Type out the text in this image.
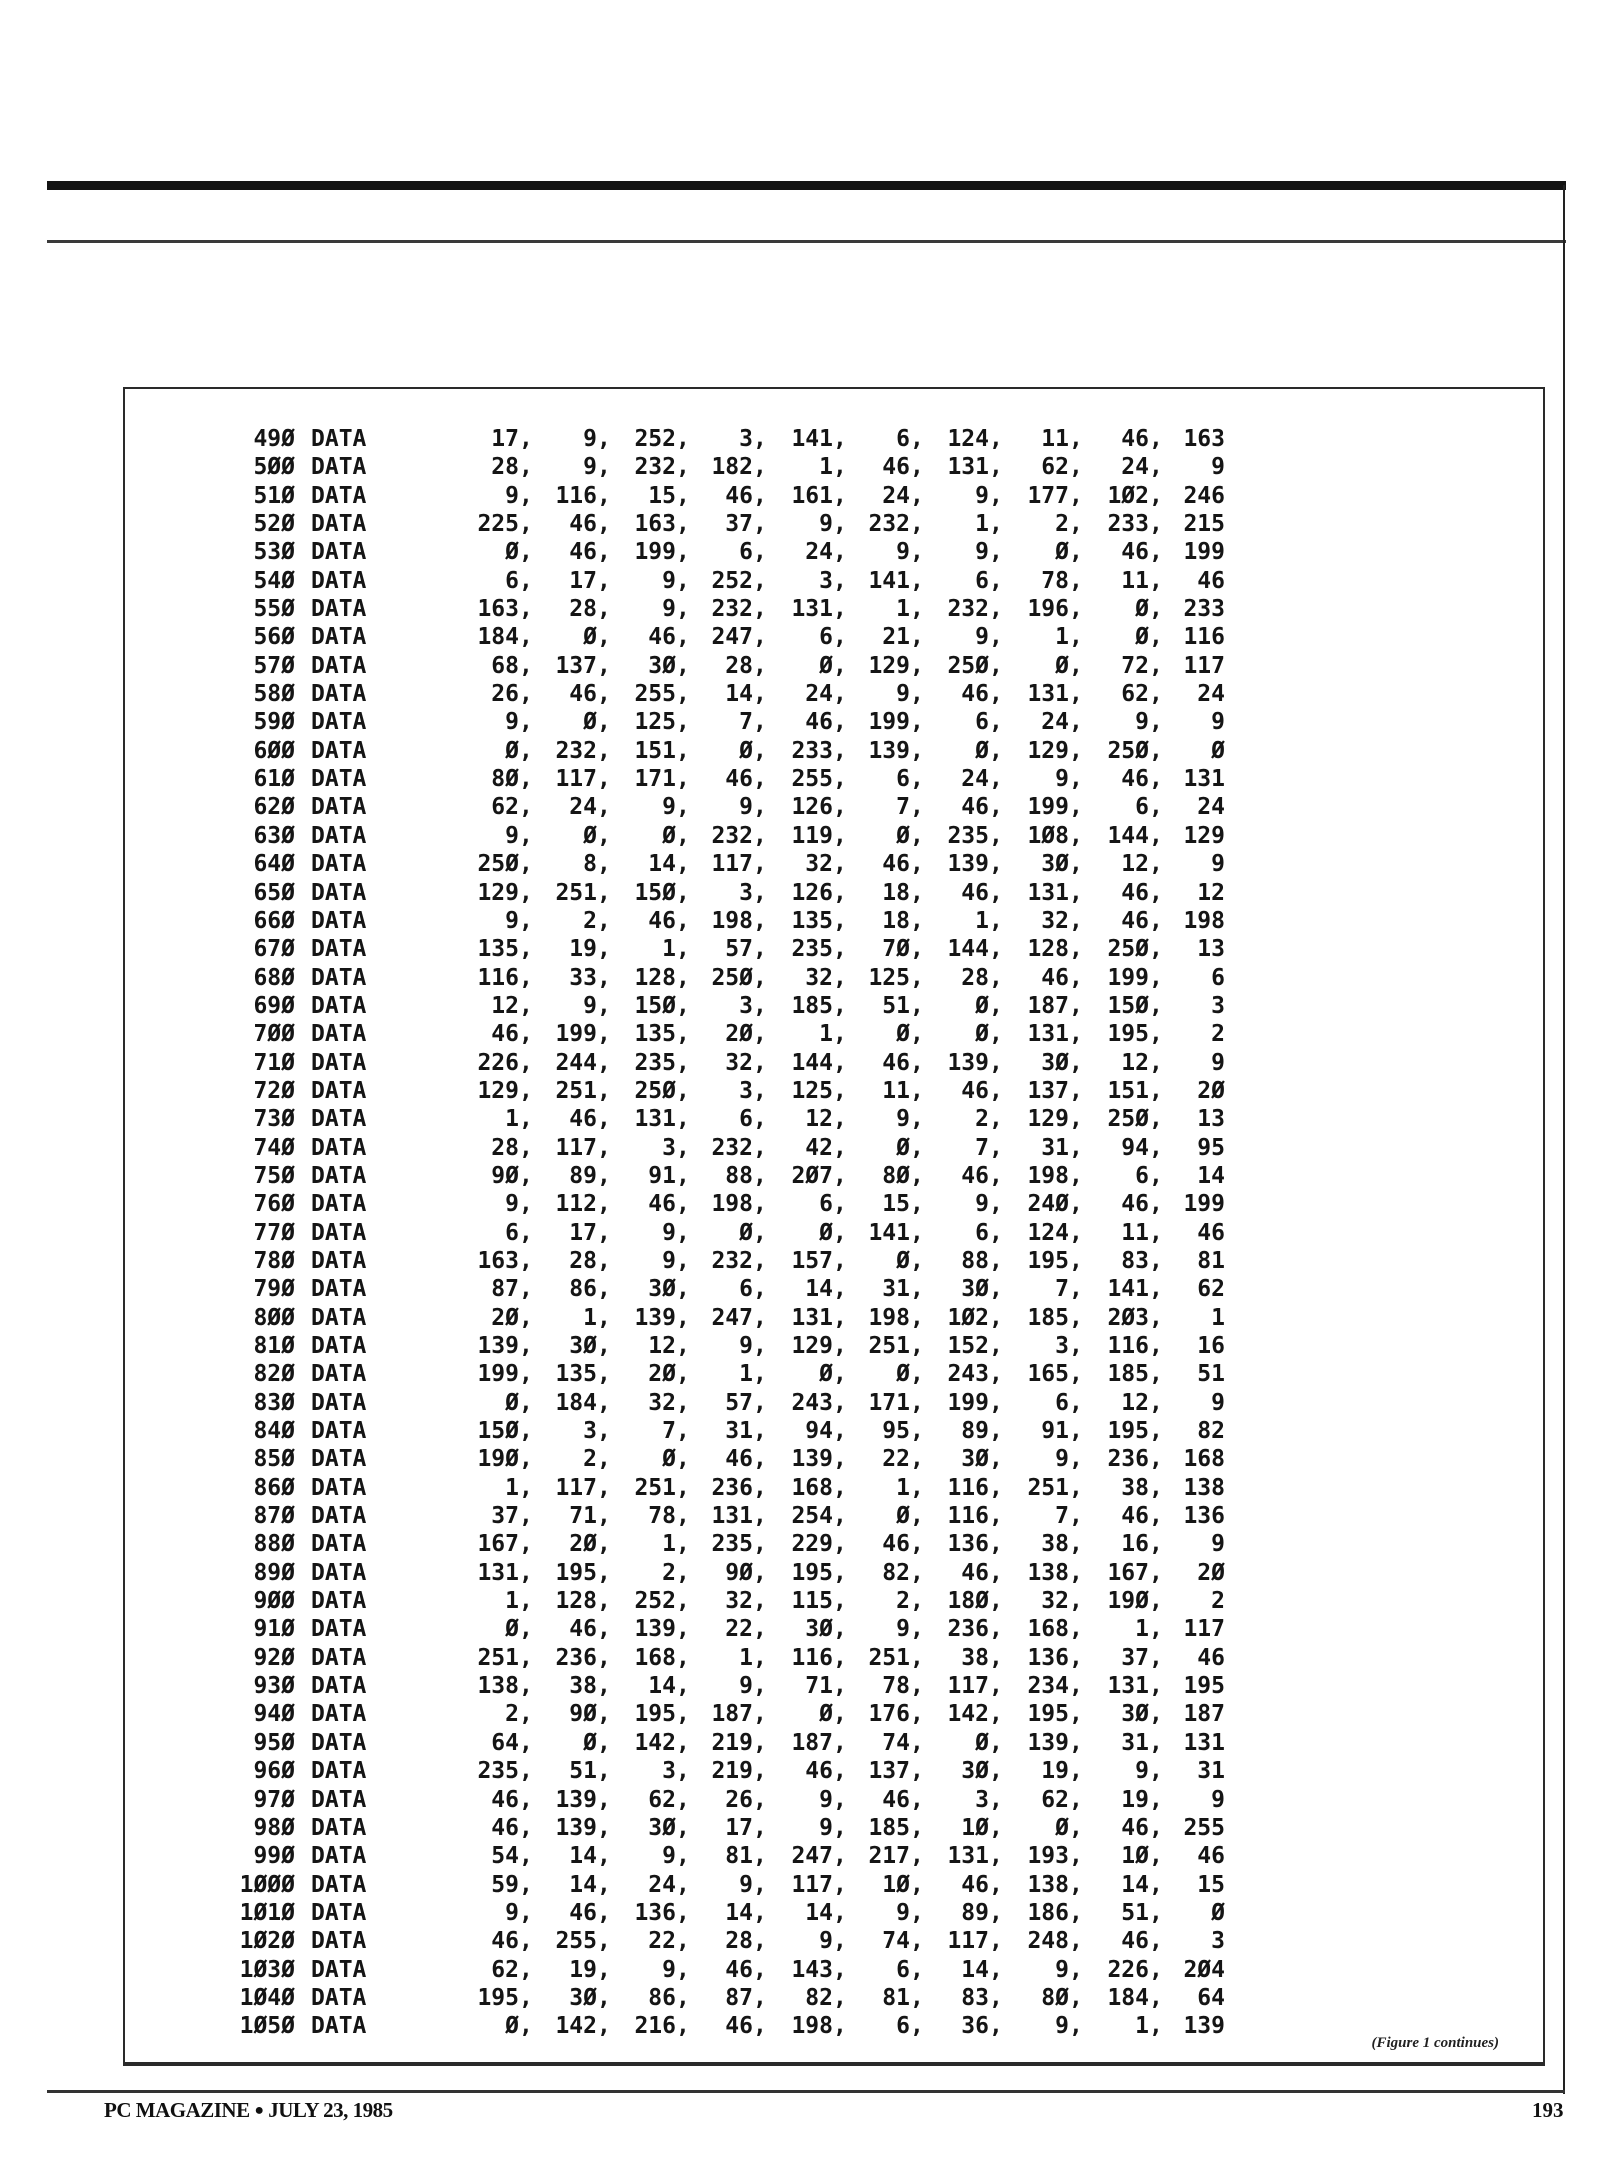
49Ø DATA	17 ,	9 ,	252 ,	3 ,	141 ,	6 ,	124 ,	11 ,	46 , 163
5ØØ DATA	28 ,	9 ,	232 , 182 ,	1 ,	46 ,	131 ,	62 ,	24 ,	9
51Ø DATA	9 , 116 ,	15 ,	46 ,	161 ,	24 ,	9 ,	177 ,	1Ø2 , 246
52Ø DATA	225 ,	46 ,	163 ,	37 ,	9 , 232 ,	1 ,	2 ,	233 , 215
53Ø DATA	Ø ,	46 ,	199 ,	6 ,	24 ,	9 ,	9 ,	Ø ,	46 , 199
54Ø DATA	6 ,	17 ,	9 , 252 ,	3 , 141 ,	6 ,	78 ,	11 ,	46
55Ø DATA	163 ,	28 ,	9 , 232 ,	131 ,	1 ,	232 ,	196 ,	Ø , 233
56Ø DATA	184 ,	Ø ,	46 , 247 ,	6 ,	21 ,	9 ,	1 ,	Ø , 116
57Ø DATA	68 , 137 ,	3Ø ,	28 ,	Ø , 129 ,	25Ø ,	Ø ,	72 , 117
58Ø DATA	26 ,	46 ,	255 ,	14 ,	24 ,	9 ,	46 ,	131 ,	62 ,	24
59Ø DATA	9 ,	Ø ,	125 ,	7 ,	46 , 199 ,	6 ,	24 ,	9 ,	9
6ØØ DATA	Ø , 232 ,	151 ,	Ø ,	233 , 139 ,	Ø ,	129 ,	25Ø ,	Ø
61Ø DATA	8Ø , 117 ,	171 ,	46 ,	255 ,	6 ,	24 ,	9 ,	46 , 131
62Ø DATA	62 ,	24 ,	9 ,	9 ,	126 ,	7 ,	46 ,	199 ,	6 ,	24
63Ø DATA	9 ,	Ø ,	Ø , 232 ,	119 ,	Ø ,	235 ,	1Ø8 ,	144 , 129
64Ø DATA	25Ø ,	8 ,	14 , 117 ,	32 ,	46 ,	139 ,	3Ø ,	12 ,	9
65Ø DATA	129 , 251 ,	15Ø ,	3 ,	126 ,	18 ,	46 ,	131 ,	46 ,	12
66Ø DATA	9 ,	2 ,	46 , 198 ,	135 ,	18 ,	1 ,	32 ,	46 , 198
67Ø DATA	135 ,	19 ,	1 ,	57 ,	235 ,	7Ø ,	144 ,	128 ,	25Ø ,	13
68Ø DATA	116 ,	33 ,	128 , 25Ø ,	32 , 125 ,	28 ,	46 ,	199 ,	6
69Ø DATA	12 ,	9 ,	15Ø ,	3 ,	185 ,	51 ,	Ø ,	187 ,	15Ø ,	3
7ØØ DATA	46 , 199 ,	135 ,	2Ø ,	1 ,	Ø ,	Ø ,	131 ,	195 ,	2
71Ø DATA	226 , 244 ,	235 ,	32 ,	144 ,	46 ,	139 ,	3Ø ,	12 ,	9
72Ø DATA	129 , 251 ,	25Ø ,	3 ,	125 ,	11 ,	46 ,	137 ,	151 ,	2Ø
73Ø DATA	1 ,	46 ,	131 ,	6 ,	12 ,	9 ,	2 ,	129 ,	25Ø ,	13
74Ø DATA	28 , 117 ,	3 , 232 ,	42 ,	Ø ,	7 ,	31 ,	94 ,	95
75Ø DATA	9Ø ,	89 ,	91 ,	88 ,	2Ø7 ,	8Ø ,	46 ,	198 ,	6 ,	14
76Ø DATA	9 , 112 ,	46 , 198 ,	6 ,	15 ,	9 ,	24Ø ,	46 , 199
77Ø DATA	6 ,	17 ,	9 ,	Ø ,	Ø , 141 ,	6 ,	124 ,	11 ,	46
78Ø DATA	163 ,	28 ,	9 , 232 ,	157 ,	Ø ,	88 ,	195 ,	83 ,	81
79Ø DATA	87 ,	86 ,	3Ø ,	6 ,	14 ,	31 ,	3Ø ,	7 ,	141 ,	62
8ØØ DATA	2Ø ,	1 ,	139 , 247 ,	131 , 198 ,	1Ø2 ,	185 ,	2Ø3 ,	1
81Ø DATA	139 ,	3Ø ,	12 ,	9 ,	129 , 251 ,	152 ,	3 ,	116 ,	16
82Ø DATA	199 , 135 ,	2Ø ,	1 ,	Ø ,	Ø ,	243 ,	165 ,	185 ,	51
83Ø DATA	Ø , 184 ,	32 ,	57 ,	243 , 171 ,	199 ,	6 ,	12 ,	9
84Ø DATA	15Ø ,	3 ,	7 ,	31 ,	94 ,	95 ,	89 ,	91 ,	195 ,	82
85Ø DATA	19Ø ,	2 ,	Ø ,	46 ,	139 ,	22 ,	3Ø ,	9 ,	236 , 168
86Ø DATA	1 , 117 ,	251 , 236 ,	168 ,	1 ,	116 ,	251 ,	38 , 138
87Ø DATA	37 ,	71 ,	78 , 131 ,	254 ,	Ø ,	116 ,	7 ,	46 , 136
88Ø DATA	167 ,	2Ø ,	1 , 235 ,	229 ,	46 ,	136 ,	38 ,	16 ,	9
89Ø DATA	131 , 195 ,	2 ,	9Ø ,	195 ,	82 ,	46 ,	138 ,	167 ,	2Ø
9ØØ DATA	1 , 128 ,	252 ,	32 ,	115 ,	2 ,	18Ø ,	32 ,	19Ø ,	2
91Ø DATA	Ø ,	46 ,	139 ,	22 ,	3Ø ,	9 ,	236 ,	168 ,	1 , 117
92Ø DATA	251 , 236 ,	168 ,	1 ,	116 , 251 ,	38 ,	136 ,	37 ,	46
93Ø DATA	138 ,	38 ,	14 ,	9 ,	71 ,	78 ,	117 ,	234 ,	131 , 195
94Ø DATA	2 ,	9Ø ,	195 , 187 ,	Ø , 176 ,	142 ,	195 ,	3Ø , 187
95Ø DATA	64 ,	Ø ,	142 , 219 ,	187 ,	74 ,	Ø ,	139 ,	31 , 131
96Ø DATA	235 ,	51 ,	3 , 219 ,	46 , 137 ,	3Ø ,	19 ,	9 ,	31
97Ø DATA	46 , 139 ,	62 ,	26 ,	9 ,	46 ,	3 ,	62 ,	19 ,	9
98Ø DATA	46 , 139 ,	3Ø ,	17 ,	9 , 185 ,	1Ø ,	Ø ,	46 , 255
99Ø DATA	54 ,	14 ,	9 ,	81 ,	247 , 217 ,	131 ,	193 ,	1Ø ,	46
1ØØØ DATA	59 ,	14 ,	24 ,	9 ,	117 ,	1Ø ,	46 ,	138 ,	14 ,	15
1Ø1Ø DATA	9 ,	46 ,	136 ,	14 ,	14 ,	9 ,	89 ,	186 ,	51 ,	Ø
1Ø2Ø DATA	46 , 255 ,	22 ,	28 ,	9 ,	74 ,	117 ,	248 ,	46 ,	3
1Ø3Ø DATA	62 ,	19 ,	9 ,	46 ,	143 ,	6 ,	14 ,	9 ,	226 , 2Ø4
1Ø4Ø DATA	195 ,	3Ø ,	86 ,	87 ,	82 ,	81 ,	83 ,	8Ø ,	184 ,	64
1Ø5Ø DATA	Ø , 142 ,	216 ,	46 ,	198 ,	6 ,	36 ,	9 ,	1 , 139
(Figure 1 continues)
PC MAGAZINE ● JULY 23, 1985	193
